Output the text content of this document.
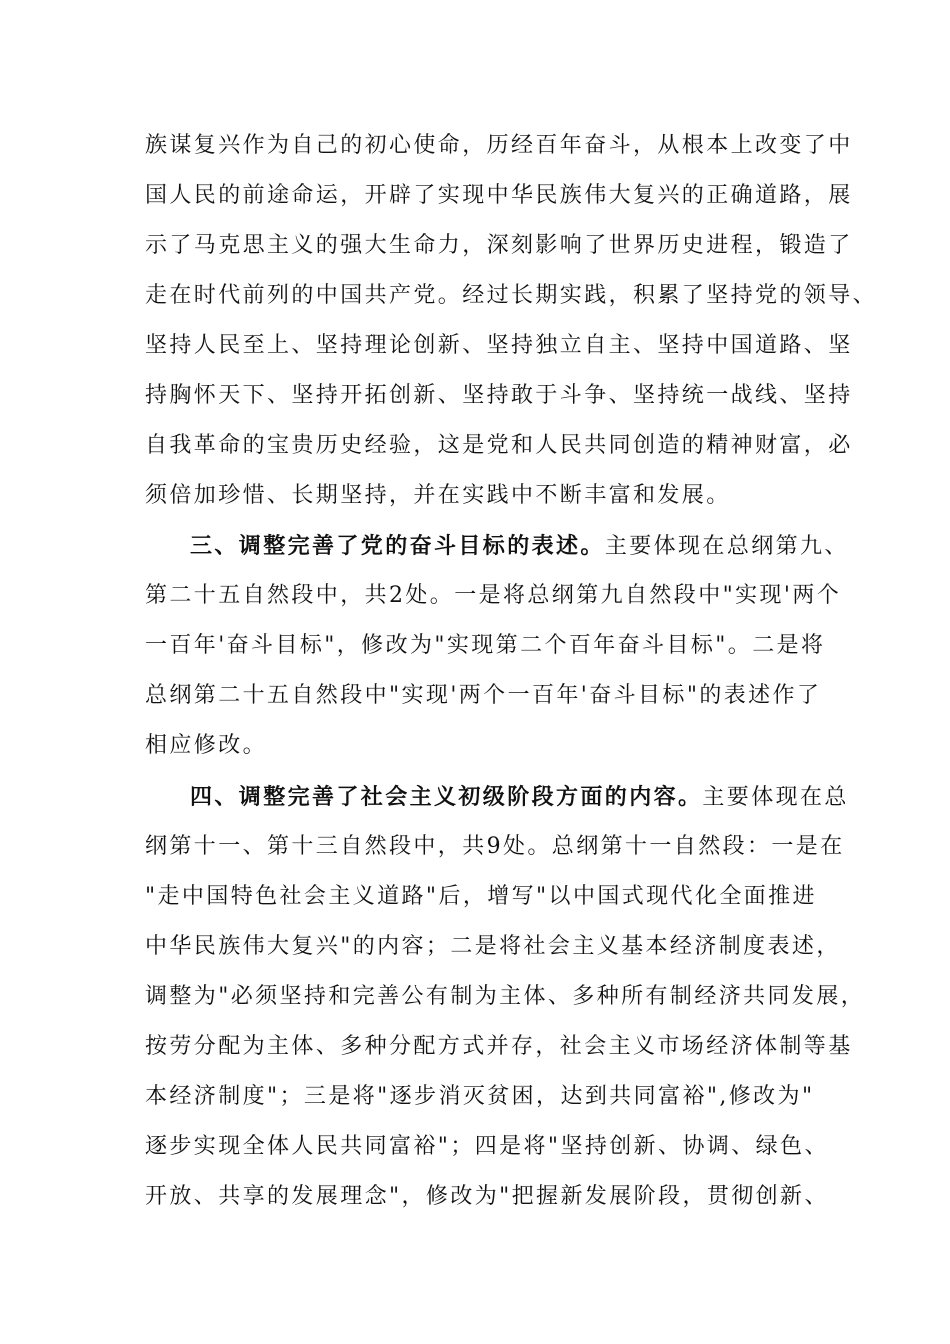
族谋复兴作为自己的初心使命，历经百年奋斗，从根本上改变了中
国人民的前途命运，开辟了实现中华民族伟大复兴的正确道路，展
示了马克思主义的强大生命力，深刻影响了世界历史进程，锻造了
走在时代前列的中国共产党。经过长期实践，积累了坚持党的领导、
坚持人民至上、坚持理论创新、坚持独立自主、坚持中国道路、坚
持胸怀天下、坚持开拓创新、坚持敢于斗争、坚持统一战线、坚持
自我革命的宝贵历史经验，这是党和人民共同创造的精神财富，必
须倍加珍惜、长期坚持，并在实践中不断丰富和发展。
三、调整完善了党的奋斗目标的表述。主要体现在总纲第九、
第二十五自然段中，共2处。一是将总纲第九自然段中"实现'两个
一百年'奋斗目标"，修改为"实现第二个百年奋斗目标"。二是将
总纲第二十五自然段中"实现'两个一百年'奋斗目标"的表述作了
相应修改。
四、调整完善了社会主义初级阶段方面的内容。主要体现在总
纲第十一、第十三自然段中，共9处。总纲第十一自然段：一是在
"走中国特色社会主义道路"后，增写"以中国式现代化全面推进
中华民族伟大复兴"的内容；二是将社会主义基本经济制度表述，
调整为"必须坚持和完善公有制为主体、多种所有制经济共同发展，
按劳分配为主体、多种分配方式并存，社会主义市场经济体制等基
本经济制度"；三是将"逐步消灭贫困，达到共同富裕",修改为"
逐步实现全体人民共同富裕"；四是将"坚持创新、协调、绿色、
开放、共享的发展理念"，修改为"把握新发展阶段，贯彻创新、
